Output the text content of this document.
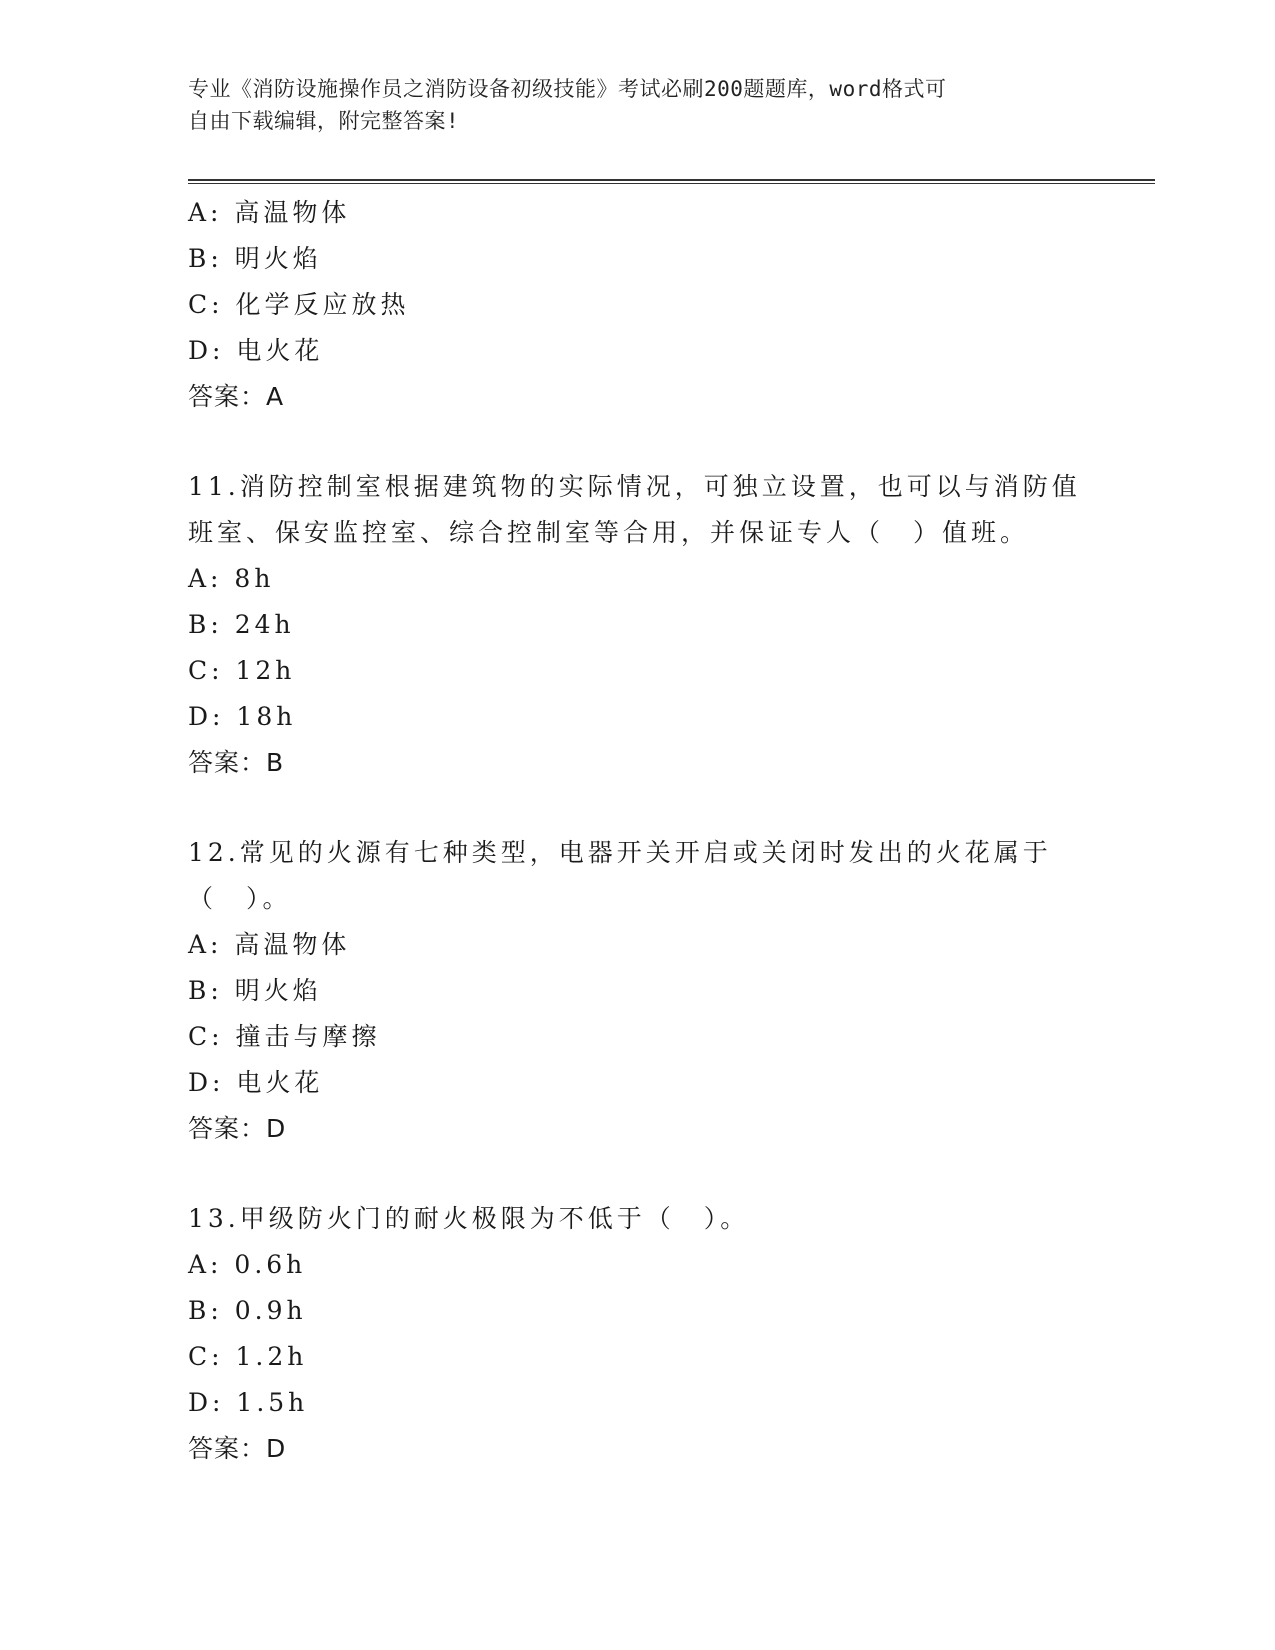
专业《消防设施操作员之消防设备初级技能》考试必刷200题题库，word格式可
自由下载编辑，附完整答案!
A: 高温物体
B: 明火焰
C: 化学反应放热
D: 电火花
答案：A
11.消防控制室根据建筑物的实际情况，可独立设置，也可以与消防值班室、保安监控室、综合控制室等合用，并保证专人（　）值班。
A: 8h
B: 24h
C: 12h
D: 18h
答案：B
12.常见的火源有七种类型，电器开关开启或关闭时发出的火花属于（　）。
A: 高温物体
B: 明火焰
C: 撞击与摩擦
D: 电火花
答案：D
13.甲级防火门的耐火极限为不低于（　）。
A: 0.6h
B: 0.9h
C: 1.2h
D: 1.5h
答案：D
